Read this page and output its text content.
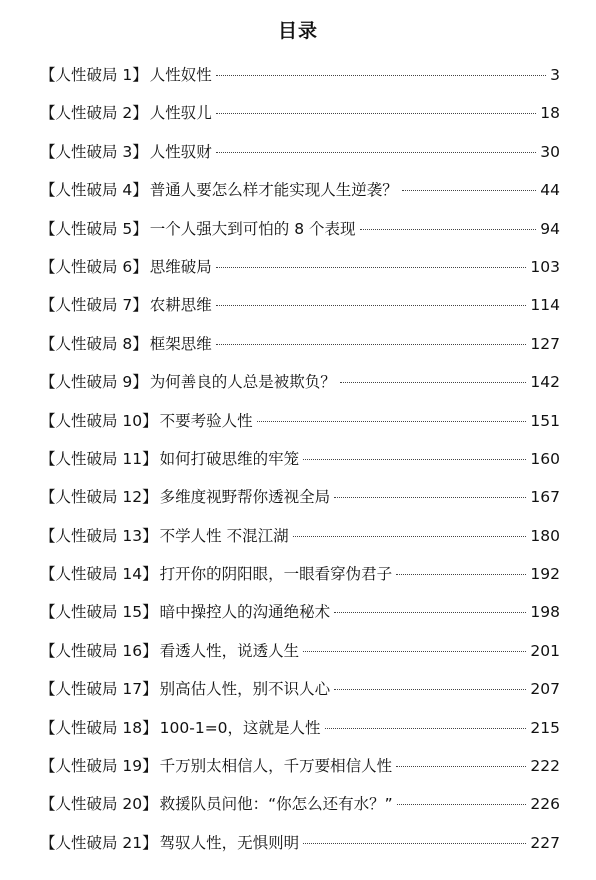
目录
【人性破局 1】 人性奴性	3
【人性破局 2】 人性驭儿	18
【人性破局 3】 人性驭财	30
【人性破局 4】 普通人要怎么样才能实现人生逆袭？	44
【人性破局 5】 一个人强大到可怕的 8 个表现	94
【人性破局 6】 思维破局	103
【人性破局 7】 农耕思维	114
【人性破局 8】 框架思维	127
【人性破局 9】 为何善良的人总是被欺负？	142
【人性破局 10】 不要考验人性	151
【人性破局 11】 如何打破思维的牢笼	160
【人性破局 12】 多维度视野帮你透视全局	167
【人性破局 13】 不学人性 不混江湖	180
【人性破局 14】 打开你的阴阳眼，一眼看穿伪君子	192
【人性破局 15】 暗中操控人的沟通绝秘术	198
【人性破局 16】 看透人性，说透人生	201
【人性破局 17】 别高估人性，别不识人心	207
【人性破局 18】 100-1=0，这就是人性	215
【人性破局 19】 千万别太相信人，千万要相信人性	222
【人性破局 20】 救援队员问他：“你怎么还有水？”	226
【人性破局 21】 驾驭人性，无惧则明	227
